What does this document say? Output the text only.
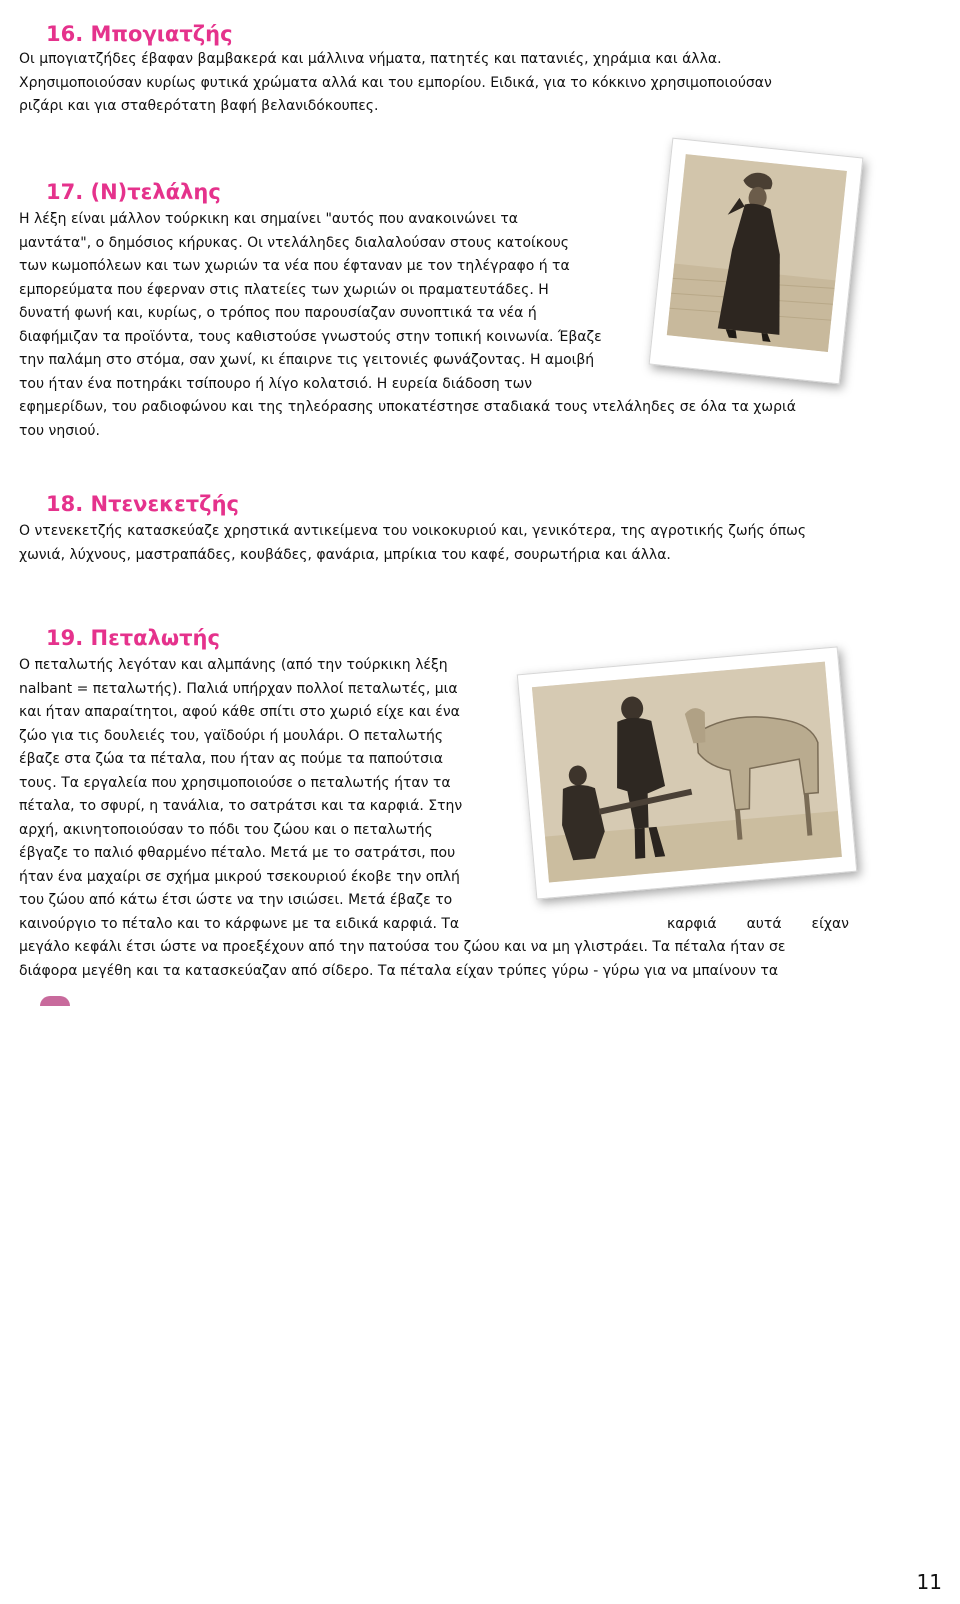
16. Μπογιατζής
Οι μπογιατζήδες έβαφαν βαμβακερά και μάλλινα νήματα, πατητές και πατανιές, χηράμια και άλλα.
Χρησιμοποιούσαν κυρίως φυτικά χρώματα αλλά και του εμπορίου. Ειδικά, για το κόκκινο χρησιμοποιούσαν
ριζάρι και για σταθερότατη βαφή βελανιδόκουπες.
17. (Ν)τελάλης
Η λέξη είναι μάλλον τούρκικη και σημαίνει "αυτός που ανακοινώνει τα
μαντάτα", ο δημόσιος κήρυκας. Οι ντελάληδες διαλαλούσαν στους κατοίκους
των κωμοπόλεων και των χωριών τα νέα που έφταναν με τον τηλέγραφο ή τα
εμπορεύματα που έφερναν στις πλατείες των χωριών οι πραματευτάδες. Η
δυνατή φωνή και, κυρίως, ο τρόπος που παρουσίαζαν συνοπτικά τα νέα ή
διαφήμιζαν τα προϊόντα, τους καθιστούσε γνωστούς στην τοπική κοινωνία. Έβαζε
την παλάμη στο στόμα, σαν χωνί, κι έπαιρνε τις γειτονιές φωνάζοντας. Η αμοιβή
του ήταν ένα ποτηράκι τσίπουρο ή λίγο κολατσιό. Η ευρεία διάδοση των
εφημερίδων, του ραδιοφώνου και της τηλεόρασης υποκατέστησε σταδιακά τους ντελάληδες σε όλα τα χωριά
του νησιού.
18. Ντενεκετζής
Ο ντενεκετζής κατασκεύαζε χρηστικά αντικείμενα του νοικοκυριού και, γενικότερα, της αγροτικής ζωής όπως
χωνιά, λύχνους, μαστραπάδες, κουβάδες, φανάρια, μπρίκια του καφέ, σουρωτήρια και άλλα.
19. Πεταλωτής
Ο πεταλωτής λεγόταν και αλμπάνης (από την τούρκικη λέξη
nalbant = πεταλωτής). Παλιά υπήρχαν πολλοί πεταλωτές, μια
και ήταν απαραίτητοι, αφού κάθε σπίτι στο χωριό είχε και ένα
ζώο για τις δουλειές του, γαϊδούρι ή μουλάρι. Ο πεταλωτής
έβαζε στα ζώα τα πέταλα, που ήταν ας πούμε τα παπούτσια
τους. Τα εργαλεία που χρησιμοποιούσε ο πεταλωτής ήταν τα
πέταλα, το σφυρί, η τανάλια, το σατράτσι και τα καρφιά. Στην
αρχή, ακινητοποιούσαν το πόδι του ζώου και ο πεταλωτής
έβγαζε το παλιό φθαρμένο πέταλο. Μετά με το σατράτσι, που
ήταν ένα μαχαίρι σε σχήμα μικρού τσεκουριού έκοβε την οπλή
του ζώου από κάτω έτσι ώστε να την ισιώσει. Μετά έβαζε το
καινούργιο το πέταλο και το κάρφωνε με τα ειδικά καρφιά. Τα	καρφιά αυτά είχαν
μεγάλο κεφάλι έτσι ώστε να προεξέχουν από την πατούσα του ζώου και να μη γλιστράει. Τα πέταλα ήταν σε
διάφορα μεγέθη και τα κατασκεύαζαν από σίδερο. Τα πέταλα είχαν τρύπες γύρω - γύρω για να μπαίνουν τα
11
